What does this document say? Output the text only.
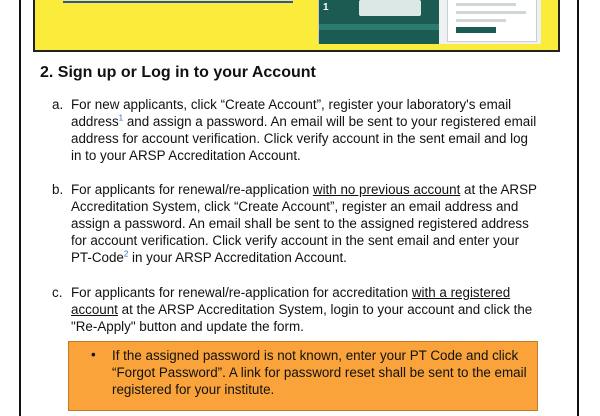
1
2. Sign up or Log in to your Account
a. For new applicants, click “Create Account”, register your laboratory's email address$^1$ and assign a password. An email will be sent to your registered email address for account verification. Click verify account in the sent email and log in to your ARSP Accreditation Account.
b. For applicants for renewal/re-application with no previous account at the ARSP Accreditation System, click “Create Account”, register an email address and assign a password. An email shall be sent to the assigned registered address for account verification. Click verify account in the sent email and enter your PT-Code$^2$ in your ARSP Accreditation Account.
c. For applicants for renewal/re-application for accreditation with a registered account at the ARSP Accreditation System, login to your account and click the "Re-Apply" button and update the form.
• If the assigned password is not known, enter your PT Code and click “Forgot Password”. A link for password reset shall be sent to the email registered for your institute.
